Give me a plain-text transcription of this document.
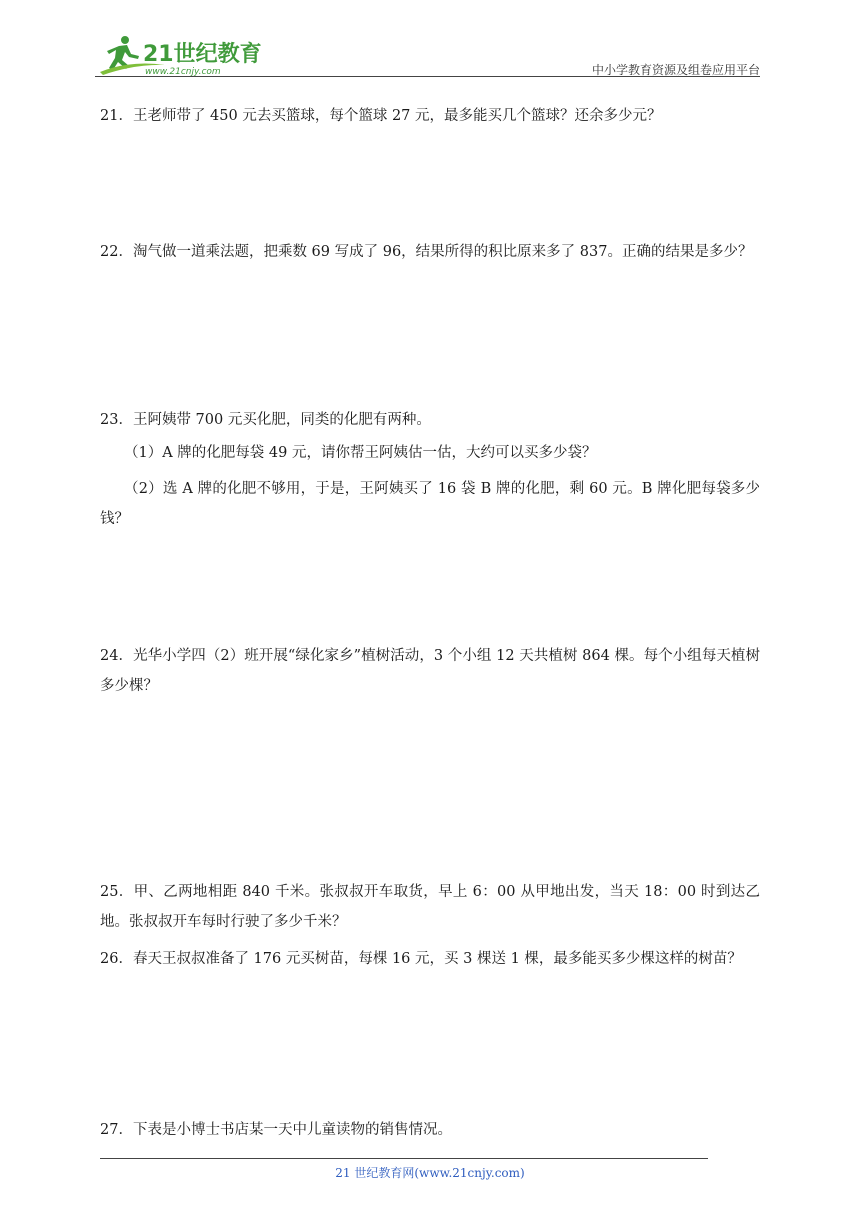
21世纪教育
www.21cnjy.com	中小学教育资源及组卷应用平台
21．王老师带了 450 元去买篮球，每个篮球 27 元，最多能买几个篮球？还余多少元？
22．淘气做一道乘法题，把乘数 69 写成了 96，结果所得的积比原来多了 837。正确的结果是多少？
23．王阿姨带 700 元买化肥，同类的化肥有两种。
（1）A 牌的化肥每袋 49 元，请你帮王阿姨估一估，大约可以买多少袋？
（2）选 A 牌的化肥不够用，于是，王阿姨买了 16 袋 B 牌的化肥，剩 60 元。B 牌化肥每袋多少钱？
24．光华小学四（2）班开展“绿化家乡”植树活动，3 个小组 12 天共植树 864 棵。每个小组每天植树多少棵？
25．甲、乙两地相距 840 千米。张叔叔开车取货，早上 6：00 从甲地出发，当天 18：00 时到达乙地。张叔叔开车每时行驶了多少千米？
26．春天王叔叔准备了 176 元买树苗，每棵 16 元，买 3 棵送 1 棵，最多能买多少棵这样的树苗？
27．下表是小博士书店某一天中儿童读物的销售情况。
21 世纪教育网(www.21cnjy.com)
